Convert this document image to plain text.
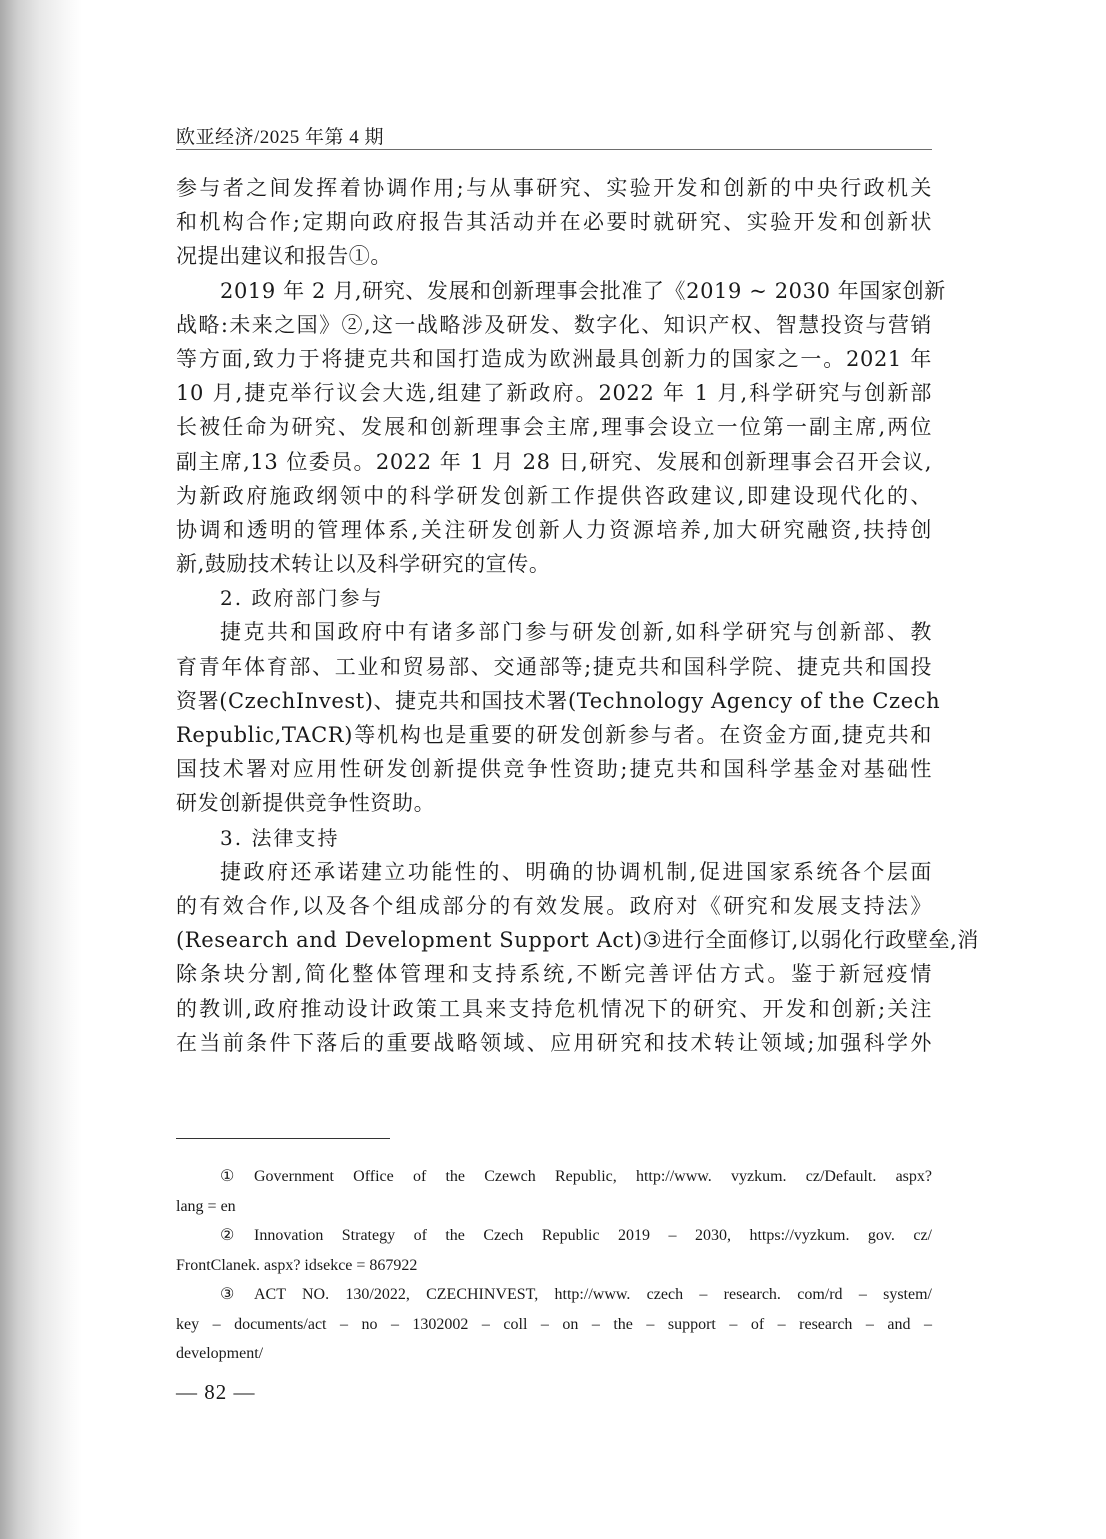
欧亚经济/2025 年第 4 期
参与者之间发挥着协调作用;与从事研究、实验开发和创新的中央行政机关
和机构合作;定期向政府报告其活动并在必要时就研究、实验开发和创新状
况提出建议和报告①。
2019 年 2 月,研究、发展和创新理事会批准了《2019 ~ 2030 年国家创新
战略:未来之国》②,这一战略涉及研发、数字化、知识产权、智慧投资与营销
等方面,致力于将捷克共和国打造成为欧洲最具创新力的国家之一。2021 年
10 月,捷克举行议会大选,组建了新政府。2022 年 1 月,科学研究与创新部
长被任命为研究、发展和创新理事会主席,理事会设立一位第一副主席,两位
副主席,13 位委员。2022 年 1 月 28 日,研究、发展和创新理事会召开会议,
为新政府施政纲领中的科学研发创新工作提供咨政建议,即建设现代化的、
协调和透明的管理体系,关注研发创新人力资源培养,加大研究融资,扶持创
新,鼓励技术转让以及科学研究的宣传。
2. 政府部门参与
捷克共和国政府中有诸多部门参与研发创新,如科学研究与创新部、教
育青年体育部、工业和贸易部、交通部等;捷克共和国科学院、捷克共和国投
资署(CzechInvest)、捷克共和国技术署(Technology Agency of the Czech
Republic,TACR)等机构也是重要的研发创新参与者。在资金方面,捷克共和
国技术署对应用性研发创新提供竞争性资助;捷克共和国科学基金对基础性
研发创新提供竞争性资助。
3. 法律支持
捷政府还承诺建立功能性的、明确的协调机制,促进国家系统各个层面
的有效合作,以及各个组成部分的有效发展。政府对《研究和发展支持法》
(Research and Development Support Act)③进行全面修订,以弱化行政壁垒,消
除条块分割,简化整体管理和支持系统,不断完善评估方式。鉴于新冠疫情
的教训,政府推动设计政策工具来支持危机情况下的研究、开发和创新;关注
在当前条件下落后的重要战略领域、应用研究和技术转让领域;加强科学外
① Government Office of the Czewch Republic, http://www. vyzkum. cz/Default. aspx?
lang = en
② Innovation Strategy of the Czech Republic 2019 – 2030, https://vyzkum. gov. cz/
FrontClanek. aspx? idsekce = 867922
③ ACT NO. 130/2022, CZECHINVEST, http://www. czech – research. com/rd – system/
key – documents/act – no – 1302002 – coll – on – the – support – of – research – and –
development/
— 82 —
